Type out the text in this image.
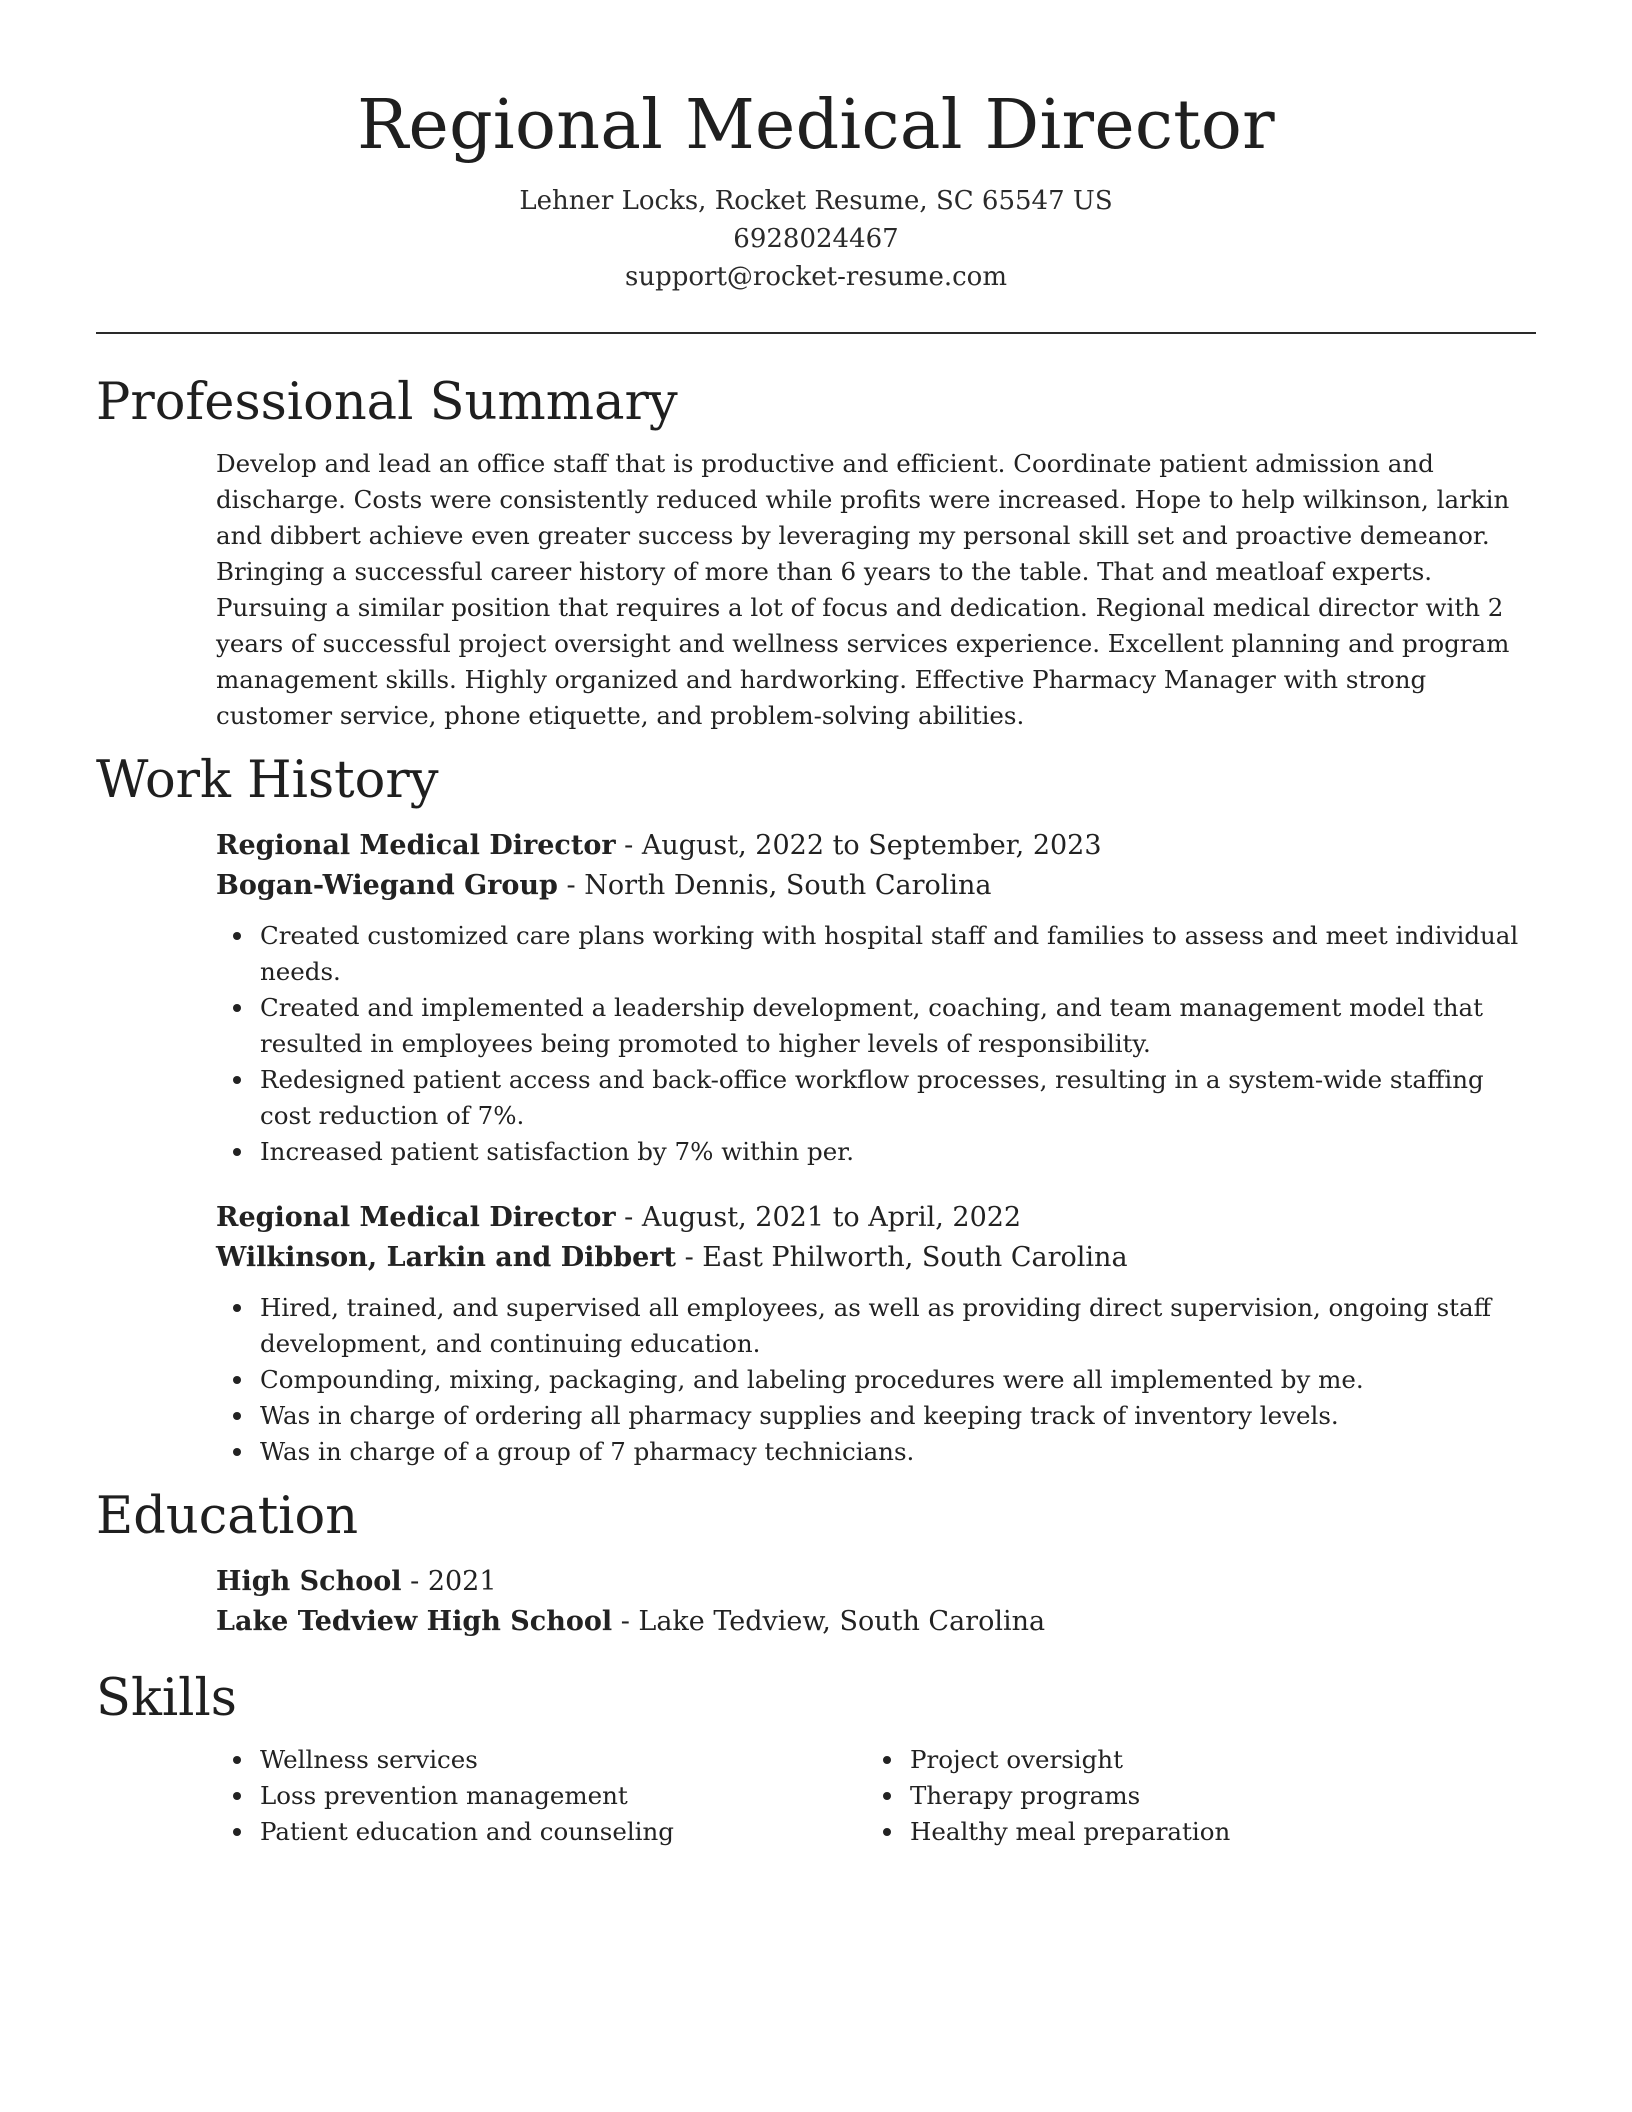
Regional Medical Director
Lehner Locks, Rocket Resume, SC 65547 US
6928024467
support@rocket-resume.com
Professional Summary
Develop and lead an office staff that is productive and efficient. Coordinate patient admission and discharge. Costs were consistently reduced while profits were increased. Hope to help wilkinson, larkin and dibbert achieve even greater success by leveraging my personal skill set and proactive demeanor. Bringing a successful career history of more than 6 years to the table. That and meatloaf experts. Pursuing a similar position that requires a lot of focus and dedication. Regional medical director with 2 years of successful project oversight and wellness services experience. Excellent planning and program management skills. Highly organized and hardworking. Effective Pharmacy Manager with strong customer service, phone etiquette, and problem-solving abilities.
Work History
Regional Medical Director - August, 2022 to September, 2023
Bogan-Wiegand Group - North Dennis, South Carolina
Created customized care plans working with hospital staff and families to assess and meet individual needs.
Created and implemented a leadership development, coaching, and team management model that resulted in employees being promoted to higher levels of responsibility.
Redesigned patient access and back-office workflow processes, resulting in a system-wide staffing cost reduction of 7%.
Increased patient satisfaction by 7% within per.
Regional Medical Director - August, 2021 to April, 2022
Wilkinson, Larkin and Dibbert - East Philworth, South Carolina
Hired, trained, and supervised all employees, as well as providing direct supervision, ongoing staff development, and continuing education.
Compounding, mixing, packaging, and labeling procedures were all implemented by me.
Was in charge of ordering all pharmacy supplies and keeping track of inventory levels.
Was in charge of a group of 7 pharmacy technicians.
Education
High School - 2021
Lake Tedview High School - Lake Tedview, South Carolina
Skills
Wellness services
Loss prevention management
Patient education and counseling
Project oversight
Therapy programs
Healthy meal preparation
